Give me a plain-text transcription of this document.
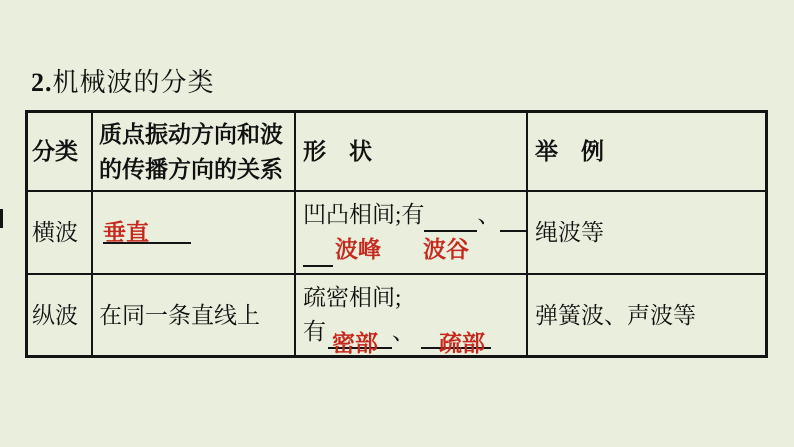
2.机械波的分类
分类
质点振动方向和波
的传播方向的关系
形　状	举　例
横波	垂直
凹凸相间;有 、
波峰 波谷
绳波等
纵波 在同一条直线上
疏密相间;
有 密部 、 疏部
弹簧波、声波等
